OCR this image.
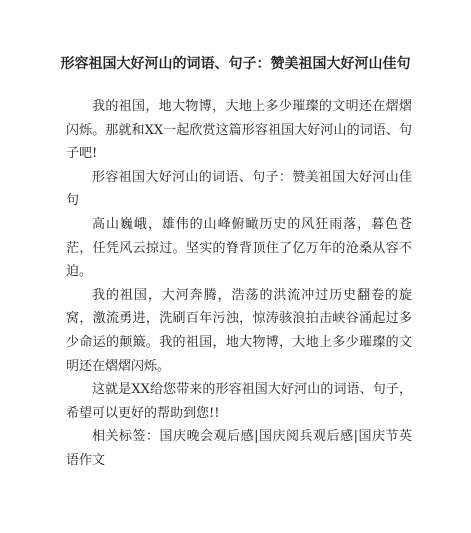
形容祖国大好河山的词语、句子：赞美祖国大好河山佳句

我的祖国，地大物博，大地上多少璀璨的文明还在熠熠闪烁。那就和XX一起欣赏这篇形容祖国大好河山的词语、句子吧!

形容祖国大好河山的词语、句子：赞美祖国大好河山佳句

高山巍峨，雄伟的山峰俯瞰历史的风狂雨落，暮色苍茫，任凭风云掠过。坚实的脊背顶住了亿万年的沧桑从容不迫。

我的祖国，大河奔腾，浩荡的洪流冲过历史翻卷的旋窝，激流勇进，洗刷百年污浊，惊涛骇浪拍击峡谷涌起过多少命运的颠簸。我的祖国，地大物博，大地上多少璀璨的文明还在熠熠闪烁。

这就是XX给您带来的形容祖国大好河山的词语、句子，希望可以更好的帮助到您!!

相关标签：国庆晚会观后感|国庆阅兵观后感|国庆节英语作文
